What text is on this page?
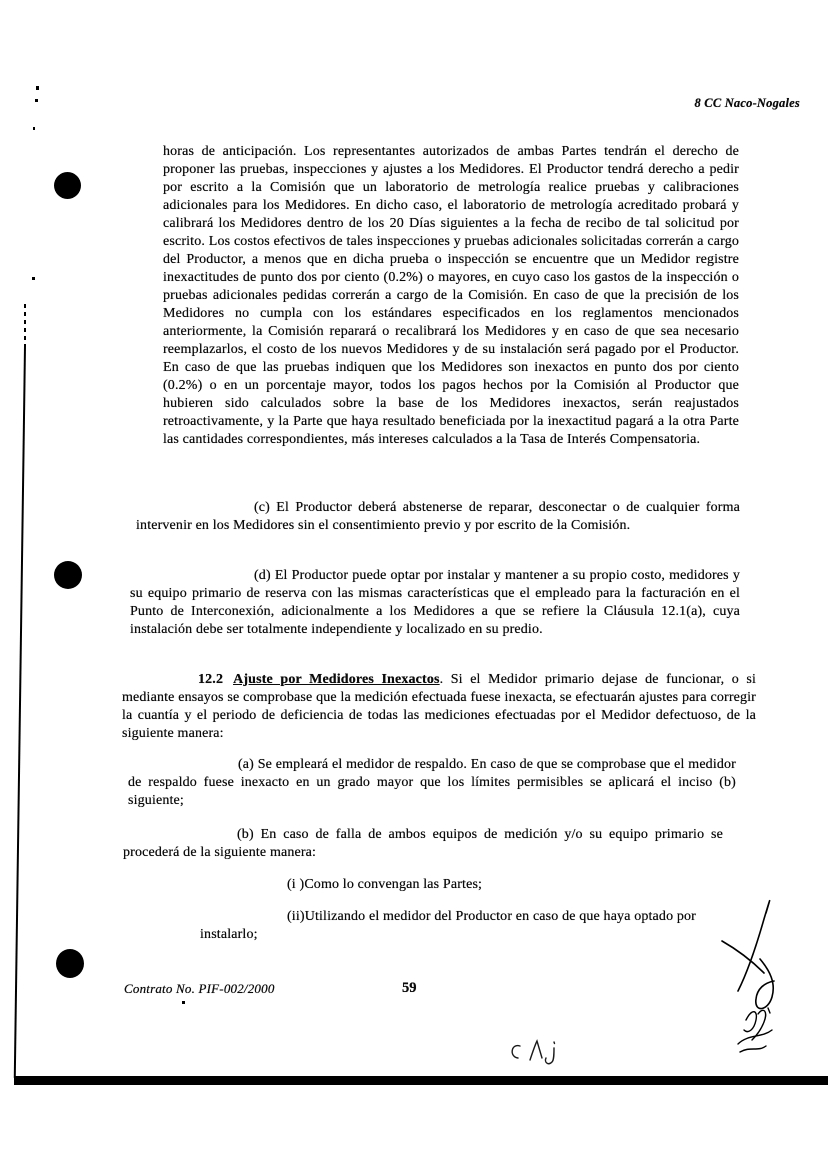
8 CC Naco-Nogales

horas de anticipación. Los representantes autorizados de ambas Partes tendrán el derecho de proponer las pruebas, inspecciones y ajustes a los Medidores. El Productor tendrá derecho a pedir por escrito a la Comisión que un laboratorio de metrología realice pruebas y calibraciones adicionales para los Medidores. En dicho caso, el laboratorio de metrología acreditado probará y calibrará los Medidores dentro de los 20 Días siguientes a la fecha de recibo de tal solicitud por escrito. Los costos efectivos de tales inspecciones y pruebas adicionales solicitadas correrán a cargo del Productor, a menos que en dicha prueba o inspección se encuentre que un Medidor registre inexactitudes de punto dos por ciento (0.2%) o mayores, en cuyo caso los gastos de la inspección o pruebas adicionales pedidas correrán a cargo de la Comisión. En caso de que la precisión de los Medidores no cumpla con los estándares especificados en los reglamentos mencionados anteriormente, la Comisión reparará o recalibrará los Medidores y en caso de que sea necesario reemplazarlos, el costo de los nuevos Medidores y de su instalación será pagado por el Productor. En caso de que las pruebas indiquen que los Medidores son inexactos en punto dos por ciento (0.2%) o en un porcentaje mayor, todos los pagos hechos por la Comisión al Productor que hubieren sido calculados sobre la base de los Medidores inexactos, serán reajustados retroactivamente, y la Parte que haya resultado beneficiada por la inexactitud pagará a la otra Parte las cantidades correspondientes, más intereses calculados a la Tasa de Interés Compensatoria.

(c) El Productor deberá abstenerse de reparar, desconectar o de cualquier forma intervenir en los Medidores sin el consentimiento previo y por escrito de la Comisión.

(d) El Productor puede optar por instalar y mantener a su propio costo, medidores y su equipo primario de reserva con las mismas características que el empleado para la facturación en el Punto de Interconexión, adicionalmente a los Medidores a que se refiere la Cláusula 12.1(a), cuya instalación debe ser totalmente independiente y localizado en su predio.

12.2 Ajuste por Medidores Inexactos. Si el Medidor primario dejase de funcionar, o si mediante ensayos se comprobase que la medición efectuada fuese inexacta, se efectuarán ajustes para corregir la cuantía y el periodo de deficiencia de todas las mediciones efectuadas por el Medidor defectuoso, de la siguiente manera:

(a) Se empleará el medidor de respaldo. En caso de que se comprobase que el medidor de respaldo fuese inexacto en un grado mayor que los límites permisibles se aplicará el inciso (b) siguiente;

(b) En caso de falla de ambos equipos de medición y/o su equipo primario se procederá de la siguiente manera:

(i )Como lo convengan las Partes;

(ii)Utilizando el medidor del Productor en caso de que haya optado por instalarlo;

Contrato No. PIF-002/2000	59
